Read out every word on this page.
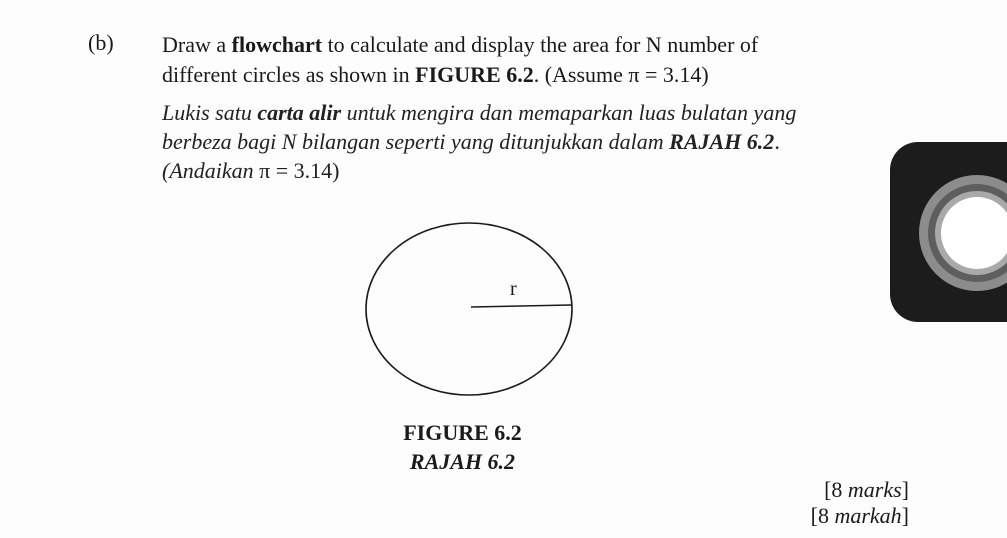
(b) Draw a flowchart to calculate and display the area for N number of
different circles as shown in FIGURE 6.2. (Assume π = 3.14)
Lukis satu carta alir untuk mengira dan memaparkan luas bulatan yang
berbeza bagi N bilangan seperti yang ditunjukkan dalam RAJAH 6.2.
(Andaikan π = 3.14)
r
FIGURE 6.2
RAJAH 6.2
[8 marks]
[8 markah]
